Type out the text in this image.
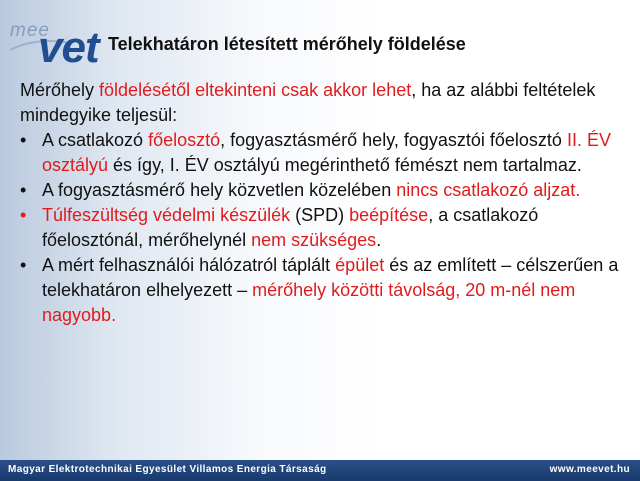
mee
vet Telekhatáron létesített mérőhely földelése

Mérőhely földelésétől eltekinteni csak akkor lehet, ha az alábbi feltételek mindegyike teljesül:

• A csatlakozó főelosztó, fogyasztásmérő hely, fogyasztói főelosztó II. ÉV osztályú és így, I. ÉV osztályú megérinthető fémészt nem tartalmaz.
• A fogyasztásmérő hely közvetlen közelében nincs csatlakozó aljzat.
• Túlfeszültség védelmi készülék (SPD) beépítése, a csatlakozó főelosztónál, mérőhelynél nem szükséges.
• A mért felhasználói hálózatról táplált épület és az említett – célszerűen a telekhatáron elhelyezett – mérőhely közötti távolság, 20 m-nél nem nagyobb.
Magyar Elektrotechnikai Egyesület Villamos Energia Társaság	www.meevet.hu
